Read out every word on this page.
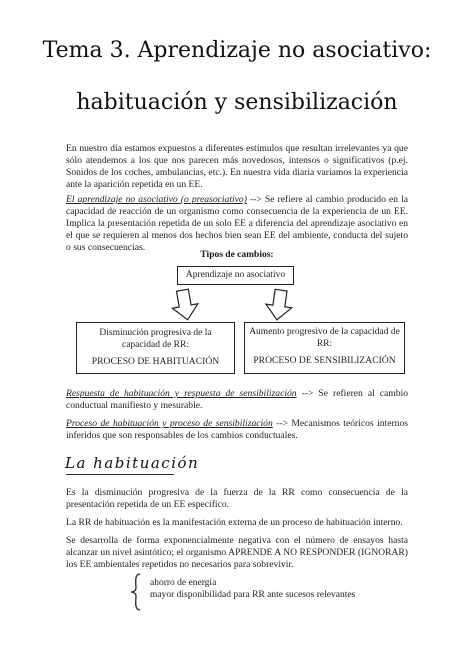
Tema 3. Aprendizaje no asociativo:
habituación y sensibilización

En nuestro día estamos expuestos a diferentes estímulos que resultan irrelevantes ya que sólo atendemos a los que nos parecen más novedosos, intensos o significativos (p.ej. Sonidos de los coches, ambulancias, etc.). En nuestra vida diaria variamos la experiencia ante la aparición repetida en un EE.

El aprendizaje no asociativo (o preasociativo) --> Se refiere al cambio producido en la capacidad de reacción de un organismo como consecuencia de la experiencia de un EE. Implica la presentación repetida de un solo EE a diferencia del aprendizaje asociativo en el que se requieren al menos dos hechos bien sean EE del ambiente, conducta del sujeto o sus consecuencias.

Tipos de cambios:
Aprendizaje no asociativo
Disminución progresiva de la
capacidad de RR:
PROCESO DE HABITUACIÓN
Aumento progresivo de la capacidad de
RR:
PROCESO DE SENSIBILIZACIÓN

Respuesta de habituación y respuesta de sensibilización --> Se refieren al cambio conductual manifiesto y mesurable.

Proceso de habituación y proceso de sensibilización --> Mecanismos teóricos internos inferidos que son responsables de los cambios conductuales.

La habituación

Es la disminución progresiva de la fuerza de la RR como consecuencia de la presentación repetida de un EE específico.

La RR de habituación es la manifestación externa de un proceso de habituación interno.

Se desarrolla de forma exponencialmente negativa con el número de ensayos hasta alcanzar un nivel asintótico; el organismo APRENDE A NO RESPONDER (IGNORAR) los EE ambientales repetidos no necesarios para sobrevivir.

ahorro de energía
mayor disponibilidad para RR ante sucesos relevantes
